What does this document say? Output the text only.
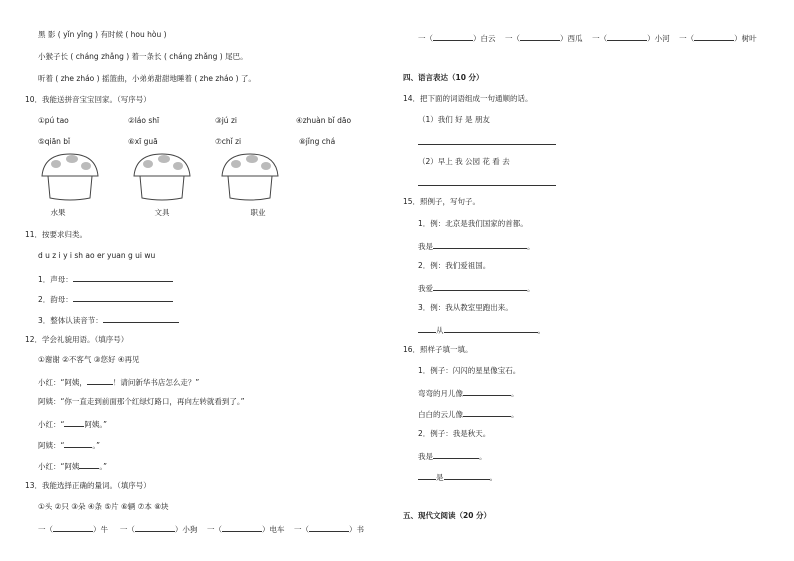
黑 影 ( yǐn yǐng ) 有时候 ( hou hòu )
小猴子长 ( cháng zhǎng ) 着一条长 ( cháng zhǎng ) 尾巴。
听着 ( zhe zháo ) 摇篮曲，小弟弟甜甜地睡着 ( zhe zháo ) 了。
10．我能送拼音宝宝回家。（写序号）
①pú tao	②láo shī	③jú zi	④zhuàn bǐ dāo
⑤qiān bǐ	⑥xī guā	⑦chǐ zi	⑧jǐng chá
水果	文具	职业
11．按要求归类。
d u z i y i sh ao er yuan g ui wu
1．声母：
2．韵母：
3．整体认读音节：
12．学会礼貌用语。（填序号）
①谢谢 ②不客气 ③您好 ④再见
小红：“阿姨，	！请问新华书店怎么走？”
阿姨：“你一直走到前面那个红绿灯路口，再向左转就看到了。”
小红：“	阿姨。”
阿姨：“	。”
小红：“阿姨	。”
13．我能选择正确的量词。（填序号）
①头 ②只 ③朵 ④条 ⑤片 ⑥辆 ⑦本 ⑧块
一（	）牛 一（	）小狗 一（	）电车 一（	）书
一（	）白云 一（	）西瓜 一（	）小河 一（	）树叶
四、语言表达（10 分）
14．把下面的词语组成一句通顺的话。
（1）我们 好 是 朋友
（2）早上 我 公园 花 看 去
15．照例子，写句子。
1．例：北京是我们国家的首都。
我是	。
2．例：我们爱祖国。
我爱	。
3．例：我从教室里跑出来。
从	。
16．照样子填一填。
1．例子：闪闪的星星像宝石。
弯弯的月儿像	。
白白的云儿像	。
2．例子：我是秋天。
我是	。
是	。
五、现代文阅读（20 分）
